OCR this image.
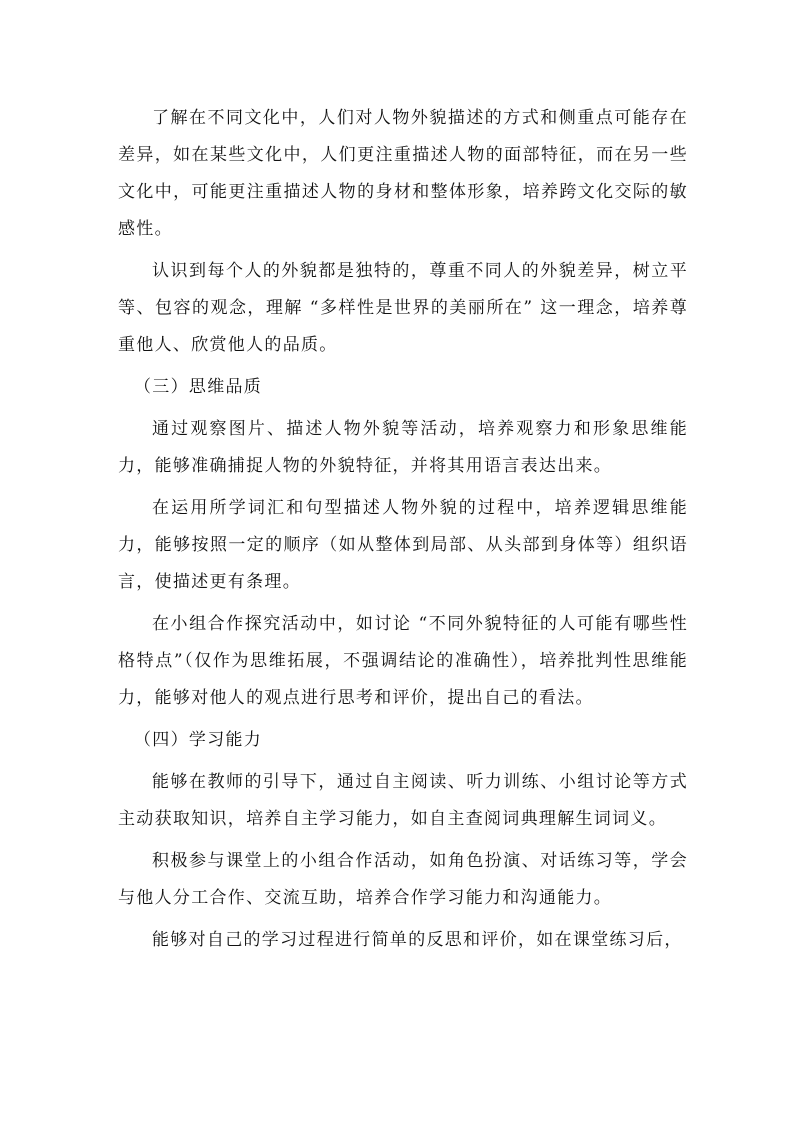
了解在不同文化中，人们对人物外貌描述的方式和侧重点可能存在差异，如在某些文化中，人们更注重描述人物的面部特征，而在另一些文化中，可能更注重描述人物的身材和整体形象，培养跨文化交际的敏感性。

认识到每个人的外貌都是独特的，尊重不同人的外貌差异，树立平等、包容的观念，理解 “多样性是世界的美丽所在” 这一理念，培养尊重他人、欣赏他人的品质。

（三）思维品质

通过观察图片、描述人物外貌等活动，培养观察力和形象思维能力，能够准确捕捉人物的外貌特征，并将其用语言表达出来。

在运用所学词汇和句型描述人物外貌的过程中，培养逻辑思维能力，能够按照一定的顺序（如从整体到局部、从头部到身体等）组织语言，使描述更有条理。

在小组合作探究活动中，如讨论 “不同外貌特征的人可能有哪些性格特点”（仅作为思维拓展，不强调结论的准确性），培养批判性思维能力，能够对他人的观点进行思考和评价，提出自己的看法。

（四）学习能力

能够在教师的引导下，通过自主阅读、听力训练、小组讨论等方式主动获取知识，培养自主学习能力，如自主查阅词典理解生词词义。

积极参与课堂上的小组合作活动，如角色扮演、对话练习等，学会与他人分工合作、交流互助，培养合作学习能力和沟通能力。

能够对自己的学习过程进行简单的反思和评价，如在课堂练习后，
